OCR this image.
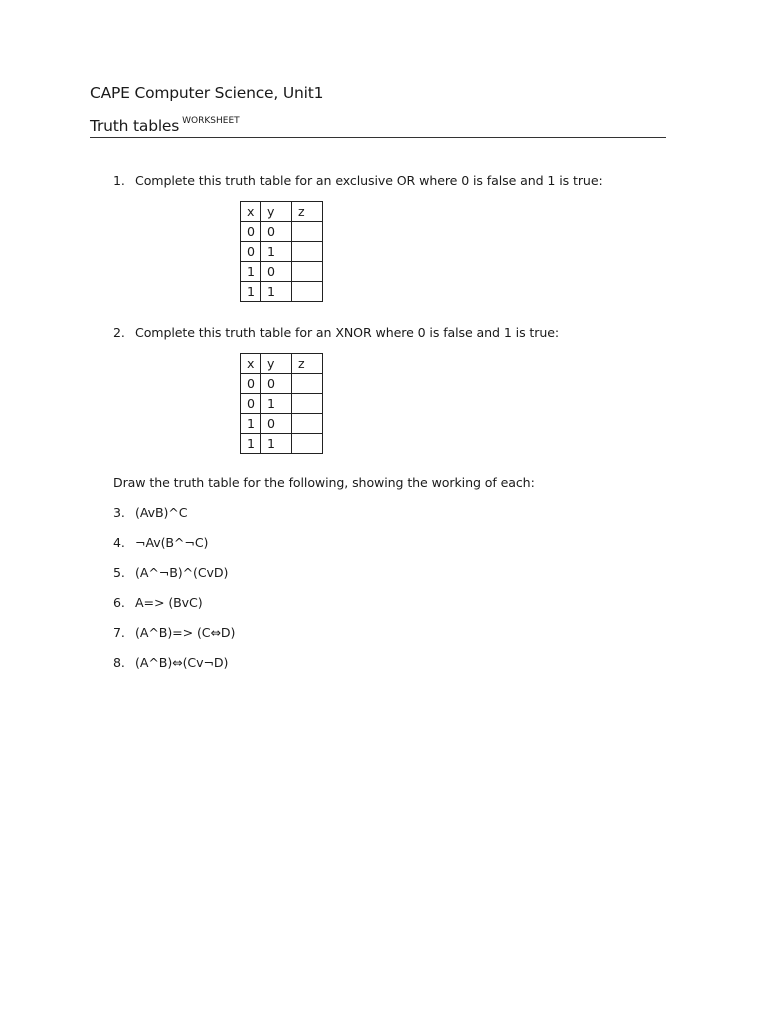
CAPE Computer Science, Unit1
Truth tables $^{WORKSHEET}$
1. Complete this truth table for an exclusive OR where 0 is false and 1 is true:
x	y	z
0	0	
0	1	
1	0	
1	1	
2. Complete this truth table for an XNOR where 0 is false and 1 is true:
x	y	z
0	0	
0	1	
1	0	
1	1	
Draw the truth table for the following, showing the working of each:
3. (AvB)^C
4. ¬Av(B^¬C)
5. (A^¬B)^(CvD)
6. A=> (BvC)
7. (A^B)=> (C⇔D)
8. (A^B)⇔(Cv¬D)
